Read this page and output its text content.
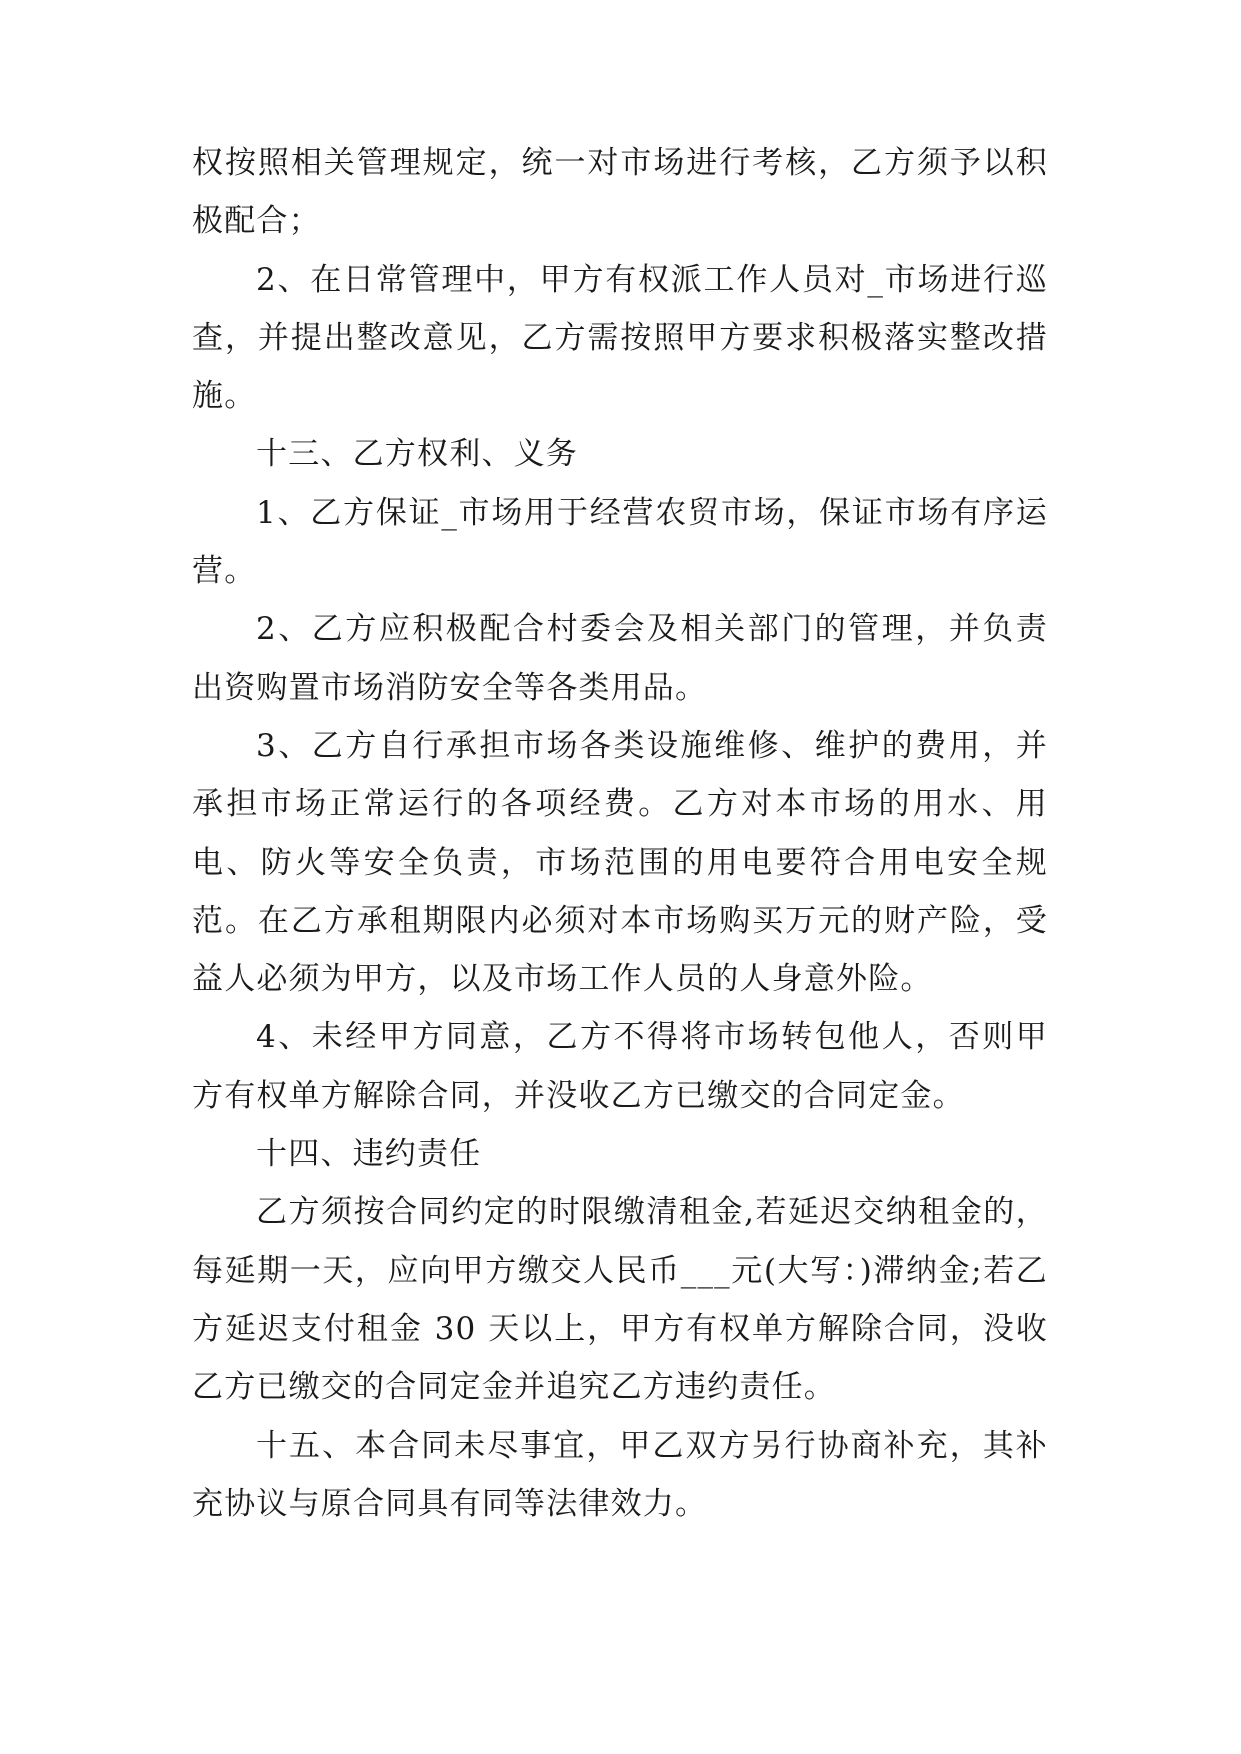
权按照相关管理规定，统一对市场进行考核，乙方须予以积极配合；

2、在日常管理中，甲方有权派工作人员对_市场进行巡查，并提出整改意见，乙方需按照甲方要求积极落实整改措施。

十三、乙方权利、义务

1、乙方保证_市场用于经营农贸市场，保证市场有序运营。

2、乙方应积极配合村委会及相关部门的管理，并负责出资购置市场消防安全等各类用品。

3、乙方自行承担市场各类设施维修、维护的费用，并承担市场正常运行的各项经费。乙方对本市场的用水、用电、防火等安全负责，市场范围的用电要符合用电安全规范。在乙方承租期限内必须对本市场购买万元的财产险，受益人必须为甲方，以及市场工作人员的人身意外险。

4、未经甲方同意，乙方不得将市场转包他人，否则甲方有权单方解除合同，并没收乙方已缴交的合同定金。

十四、违约责任

乙方须按合同约定的时限缴清租金,若延迟交纳租金的，每延期一天，应向甲方缴交人民币___元(大写：)滞纳金;若乙方延迟支付租金 30 天以上，甲方有权单方解除合同，没收乙方已缴交的合同定金并追究乙方违约责任。

十五、本合同未尽事宜，甲乙双方另行协商补充，其补充协议与原合同具有同等法律效力。
